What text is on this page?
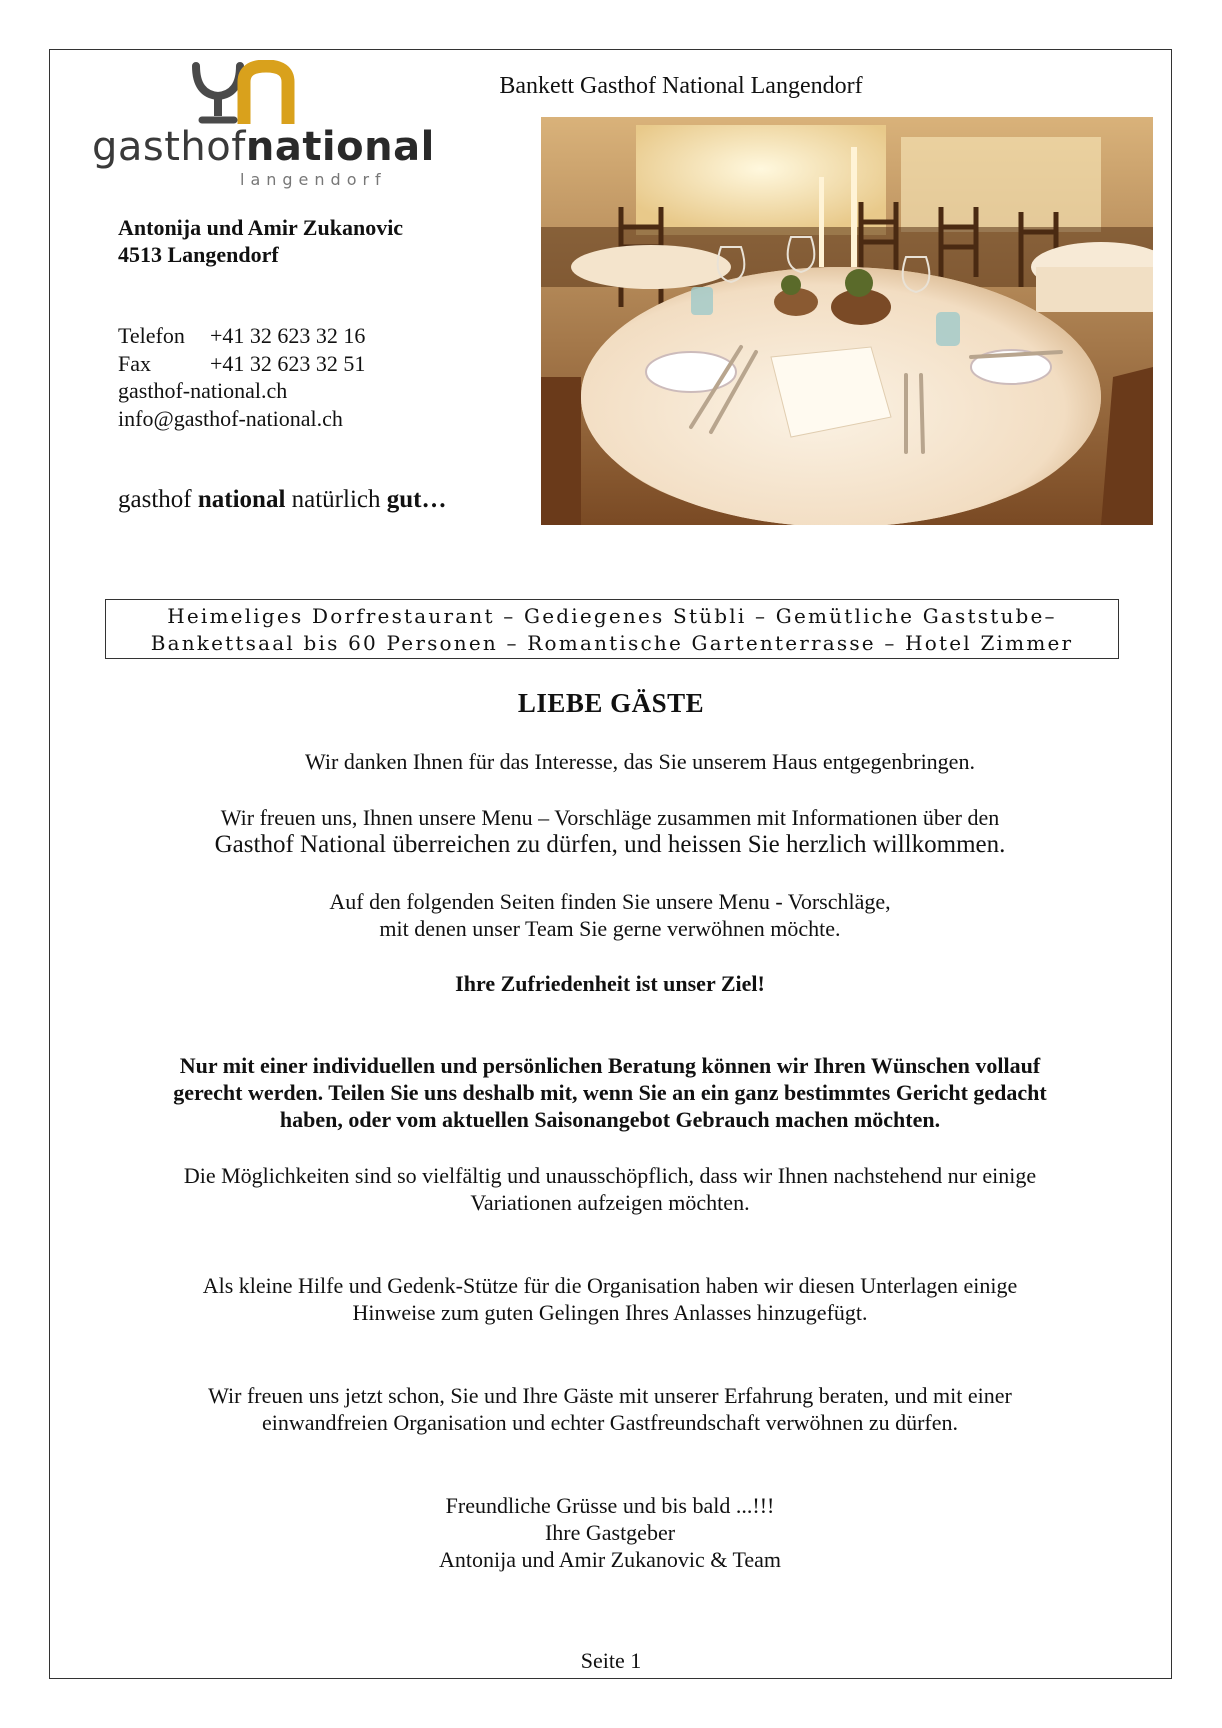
Bankett Gasthof National Langendorf
gasthofnational
langendorf
Antonija und Amir Zukanovic
4513 Langendorf
Telefon	+41 32 623 32 16
Fax	+41 32 623 32 51
gasthof-national.ch
info@gasthof-national.ch
gasthof national natürlich gut…
Heimeliges Dorfrestaurant – Gediegenes Stübli – Gemütliche Gaststube–
Bankettsaal bis 60 Personen – Romantische Gartenterrasse – Hotel Zimmer
LIEBE GÄSTE
Wir danken Ihnen für das Interesse, das Sie unserem Haus entgegenbringen.
Wir freuen uns, Ihnen unsere Menu – Vorschläge zusammen mit Informationen über den
Gasthof National überreichen zu dürfen, und heissen Sie herzlich willkommen.
Auf den folgenden Seiten finden Sie unsere Menu - Vorschläge,
mit denen unser Team Sie gerne verwöhnen möchte.
Ihre Zufriedenheit ist unser Ziel!
Nur mit einer individuellen und persönlichen Beratung können wir Ihren Wünschen vollauf
gerecht werden. Teilen Sie uns deshalb mit, wenn Sie an ein ganz bestimmtes Gericht gedacht
haben, oder vom aktuellen Saisonangebot Gebrauch machen möchten.
Die Möglichkeiten sind so vielfältig und unausschöpflich, dass wir Ihnen nachstehend nur einige
Variationen aufzeigen möchten.
Als kleine Hilfe und Gedenk-Stütze für die Organisation haben wir diesen Unterlagen einige
Hinweise zum guten Gelingen Ihres Anlasses hinzugefügt.
Wir freuen uns jetzt schon, Sie und Ihre Gäste mit unserer Erfahrung beraten, und mit einer
einwandfreien Organisation und echter Gastfreundschaft verwöhnen zu dürfen.
Freundliche Grüsse und bis bald ...!!!
Ihre Gastgeber
Antonija und Amir Zukanovic & Team
Seite 1
